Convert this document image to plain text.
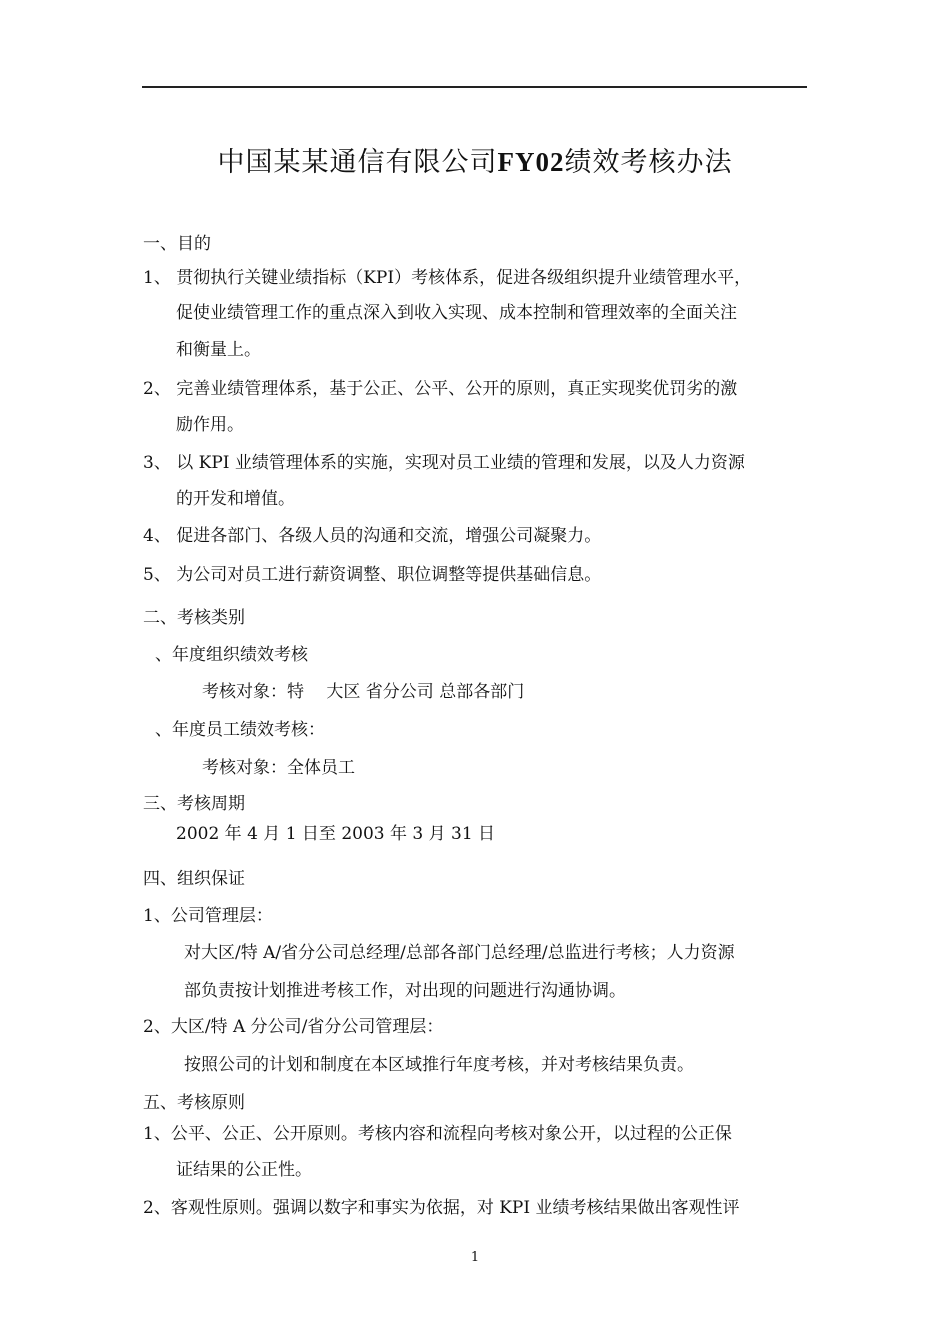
中国某某通信有限公司FY02绩效考核办法
一、目的
1、 贯彻执行关键业绩指标（KPI）考核体系，促进各级组织提升业绩管理水平，
促使业绩管理工作的重点深入到收入实现、成本控制和管理效率的全面关注
和衡量上。
2、 完善业绩管理体系，基于公正、公平、公开的原则，真正实现奖优罚劣的激
励作用。
3、 以 KPI 业绩管理体系的实施，实现对员工业绩的管理和发展，以及人力资源
的开发和增值。
4、 促进各部门、各级人员的沟通和交流，增强公司凝聚力。
5、 为公司对员工进行薪资调整、职位调整等提供基础信息。
二、考核类别
、年度组织绩效考核
考核对象：特　 大区 省分公司 总部各部门
、年度员工绩效考核：
考核对象：全体员工
三、考核周期
2002 年 4 月 1 日至 2003 年 3 月 31 日
四、组织保证
1、公司管理层：
对大区/特 A/省分公司总经理/总部各部门总经理/总监进行考核；人力资源
部负责按计划推进考核工作，对出现的问题进行沟通协调。
2、大区/特 A 分公司/省分公司管理层：
按照公司的计划和制度在本区域推行年度考核，并对考核结果负责。
五、考核原则
1、公平、公正、公开原则。考核内容和流程向考核对象公开，以过程的公正保
证结果的公正性。
2、客观性原则。强调以数字和事实为依据，对 KPI 业绩考核结果做出客观性评
1
